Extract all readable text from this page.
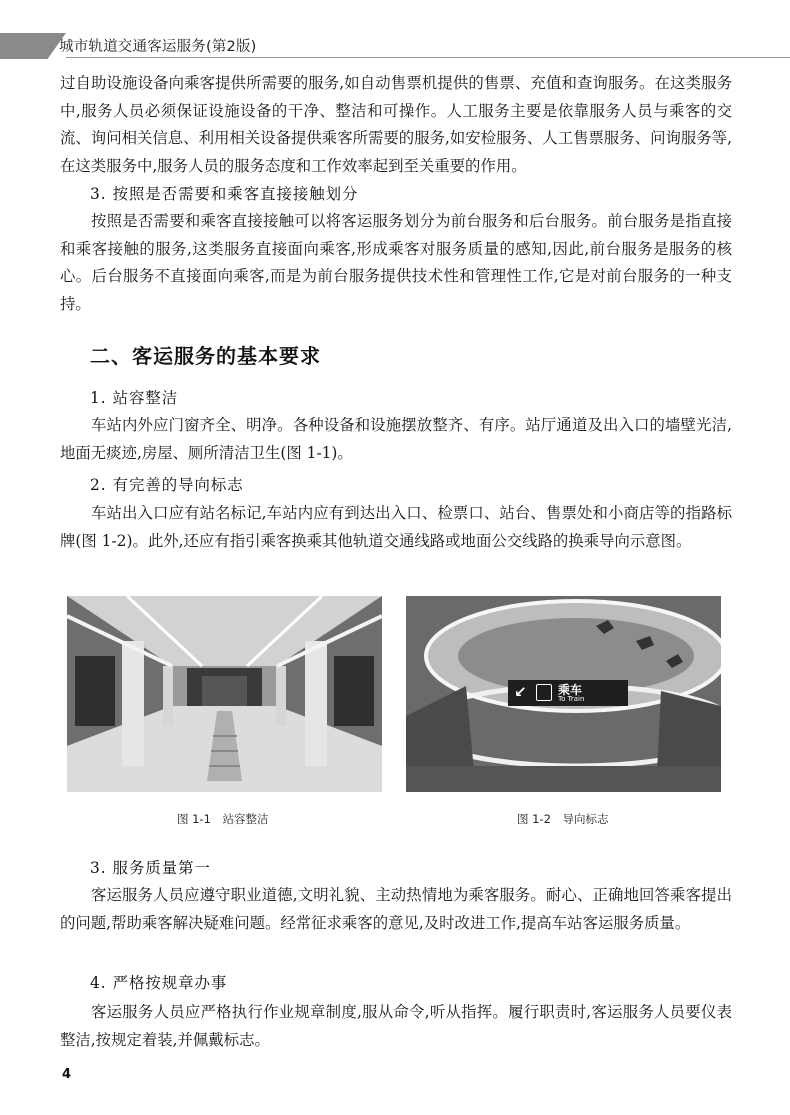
城市轨道交通客运服务(第2版)

过自助设施设备向乘客提供所需要的服务,如自动售票机提供的售票、充值和查询服务。在这类服务中,服务人员必须保证设施设备的干净、整洁和可操作。人工服务主要是依靠服务人员与乘客的交流、询问相关信息、利用相关设备提供乘客所需要的服务,如安检服务、人工售票服务、问询服务等,在这类服务中,服务人员的服务态度和工作效率起到至关重要的作用。

3. 按照是否需要和乘客直接接触划分

按照是否需要和乘客直接接触可以将客运服务划分为前台服务和后台服务。前台服务是指直接和乘客接触的服务,这类服务直接面向乘客,形成乘客对服务质量的感知,因此,前台服务是服务的核心。后台服务不直接面向乘客,而是为前台服务提供技术性和管理性工作,它是对前台服务的一种支持。

二、客运服务的基本要求
1. 站容整洁

车站内外应门窗齐全、明净。各种设备和设施摆放整齐、有序。站厅通道及出入口的墙壁光洁,地面无痰迹,房屋、厕所清洁卫生(图 1-1)。

2. 有完善的导向标志

车站出入口应有站名标记,车站内应有到达出入口、检票口、站台、售票处和小商店等的指路标牌(图 1-2)。此外,还应有指引乘客换乘其他轨道交通线路或地面公交线路的换乘导向示意图。

↙	乘车
To Train
图 1-1　站容整洁	图 1-2　导向标志
3. 服务质量第一

客运服务人员应遵守职业道德,文明礼貌、主动热情地为乘客服务。耐心、正确地回答乘客提出的问题,帮助乘客解决疑难问题。经常征求乘客的意见,及时改进工作,提高车站客运服务质量。

4. 严格按规章办事

客运服务人员应严格执行作业规章制度,服从命令,听从指挥。履行职责时,客运服务人员要仪表整洁,按规定着装,并佩戴标志。

4
